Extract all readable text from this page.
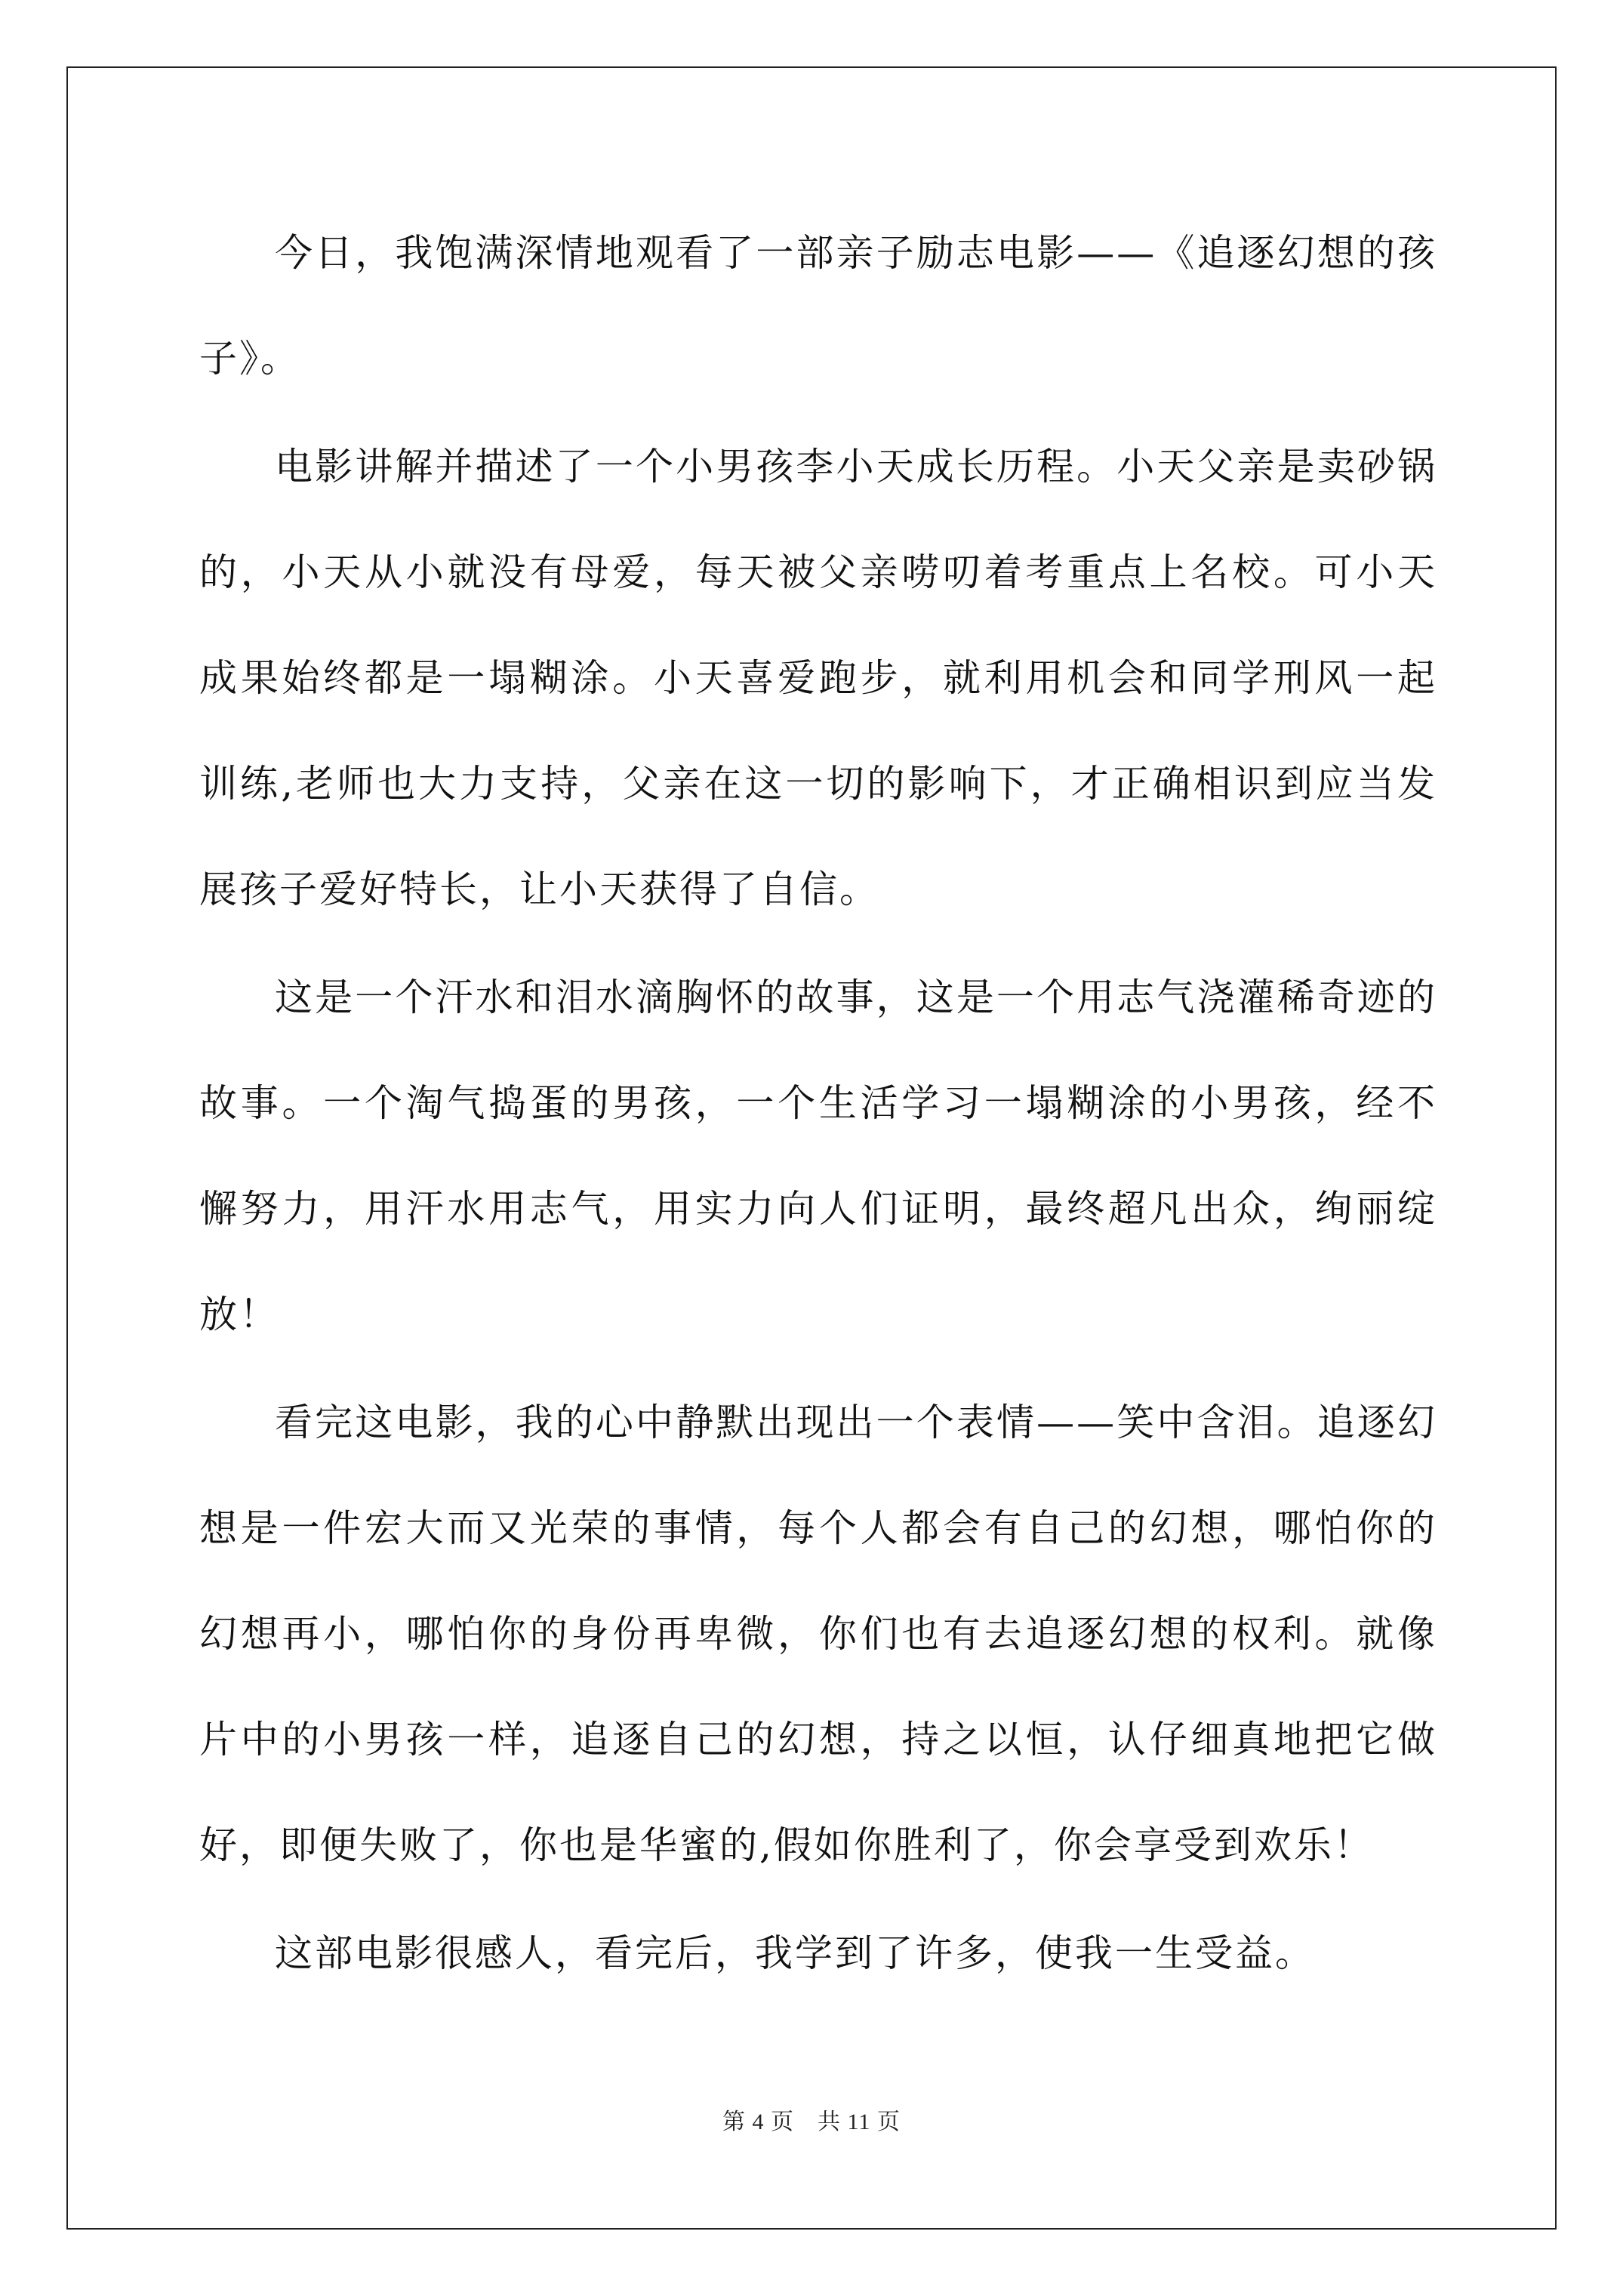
今日，我饱满深情地观看了一部亲子励志电影——《追逐幻想的孩子》。

电影讲解并描述了一个小男孩李小天成长历程。小天父亲是卖砂锅的，小天从小就没有母爱，每天被父亲唠叨着考重点上名校。可小天成果始终都是一塌糊涂。小天喜爱跑步，就利用机会和同学刑风一起训练,老师也大力支持，父亲在这一切的影响下，才正确相识到应当发展孩子爱好特长，让小天获得了自信。

这是一个汗水和泪水滴胸怀的故事，这是一个用志气浇灌稀奇迹的故事。一个淘气捣蛋的男孩，一个生活学习一塌糊涂的小男孩，经不懈努力，用汗水用志气，用实力向人们证明，最终超凡出众，绚丽绽放！

看完这电影，我的心中静默出现出一个表情——笑中含泪。追逐幻想是一件宏大而又光荣的事情，每个人都会有自己的幻想，哪怕你的幻想再小，哪怕你的身份再卑微，你们也有去追逐幻想的权利。就像片中的小男孩一样，追逐自己的幻想，持之以恒，认仔细真地把它做好，即便失败了，你也是华蜜的,假如你胜利了，你会享受到欢乐！

这部电影很感人，看完后，我学到了许多，使我一生受益。

第 4 页　共 11 页
